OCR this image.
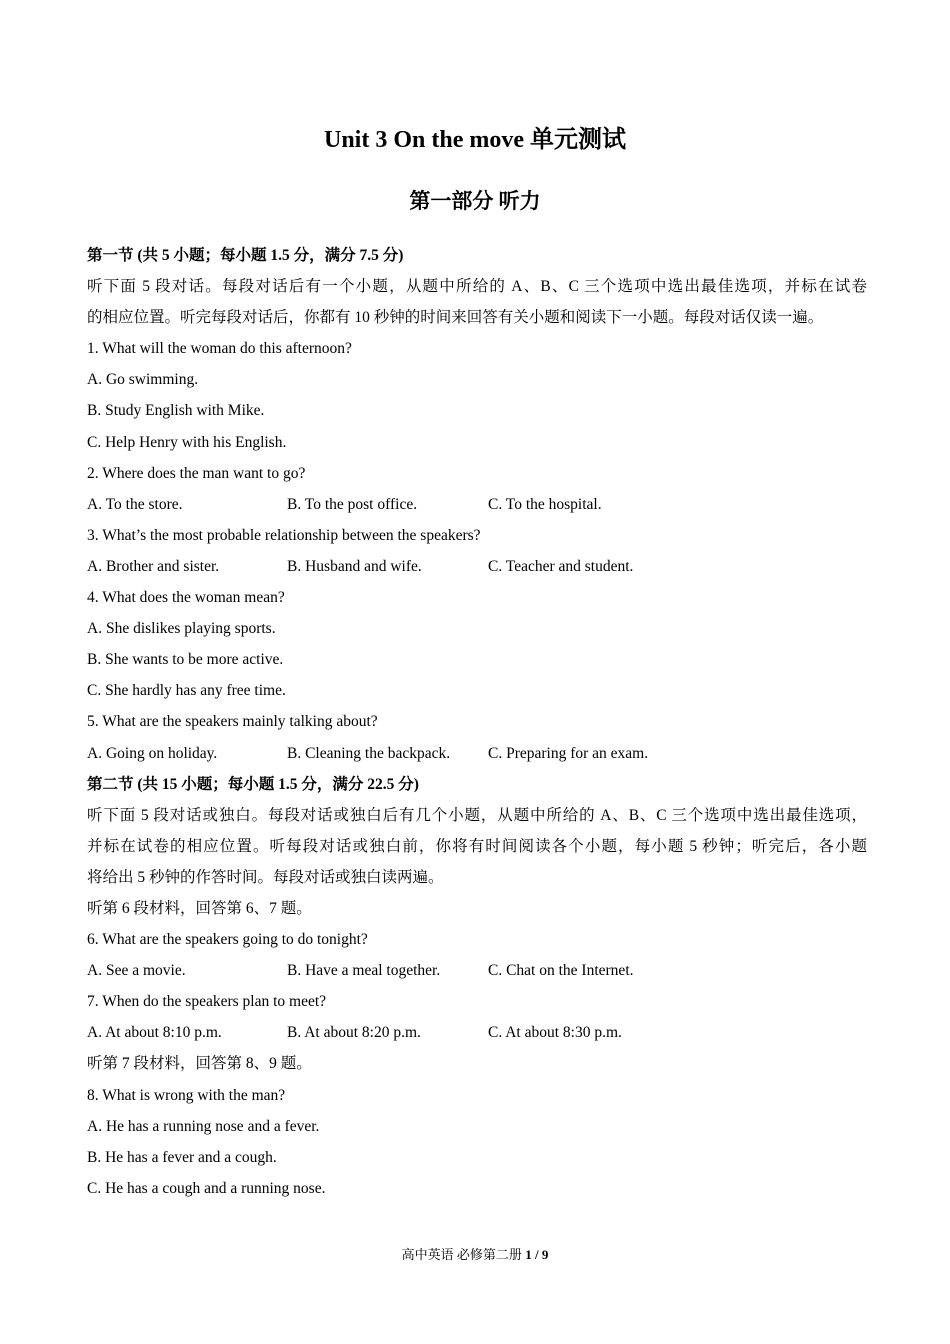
Unit 3 On the move 单元测试
第一部分 听力
第一节 (共 5 小题；每小题 1.5 分，满分 7.5 分)
听下面 5 段对话。每段对话后有一个小题，从题中所给的 A、B、C 三个选项中选出最佳选项，并标在试卷
的相应位置。听完每段对话后，你都有 10 秒钟的时间来回答有关小题和阅读下一小题。每段对话仅读一遍。
1. What will the woman do this afternoon?
A. Go swimming.
B. Study English with Mike.
C. Help Henry with his English.
2. Where does the man want to go?
A. To the store.	B. To the post office.	C. To the hospital.
3. What’s the most probable relationship between the speakers?
A. Brother and sister.	B. Husband and wife.	C. Teacher and student.
4. What does the woman mean?
A. She dislikes playing sports.
B. She wants to be more active.
C. She hardly has any free time.
5. What are the speakers mainly talking about?
A. Going on holiday.	B. Cleaning the backpack.	C. Preparing for an exam.
第二节 (共 15 小题；每小题 1.5 分，满分 22.5 分)
听下面 5 段对话或独白。每段对话或独白后有几个小题，从题中所给的 A、B、C 三个选项中选出最佳选项，
并标在试卷的相应位置。听每段对话或独白前，你将有时间阅读各个小题，每小题 5 秒钟；听完后，各小题
将给出 5 秒钟的作答时间。每段对话或独白读两遍。
听第 6 段材料，回答第 6、7 题。
6. What are the speakers going to do tonight?
A. See a movie.	B. Have a meal together.	C. Chat on the Internet.
7. When do the speakers plan to meet?
A. At about 8:10 p.m.	B. At about 8:20 p.m.	C. At about 8:30 p.m.
听第 7 段材料，回答第 8、9 题。
8. What is wrong with the man?
A. He has a running nose and a fever.
B. He has a fever and a cough.
C. He has a cough and a running nose.
高中英语 必修第二册 1 / 9
